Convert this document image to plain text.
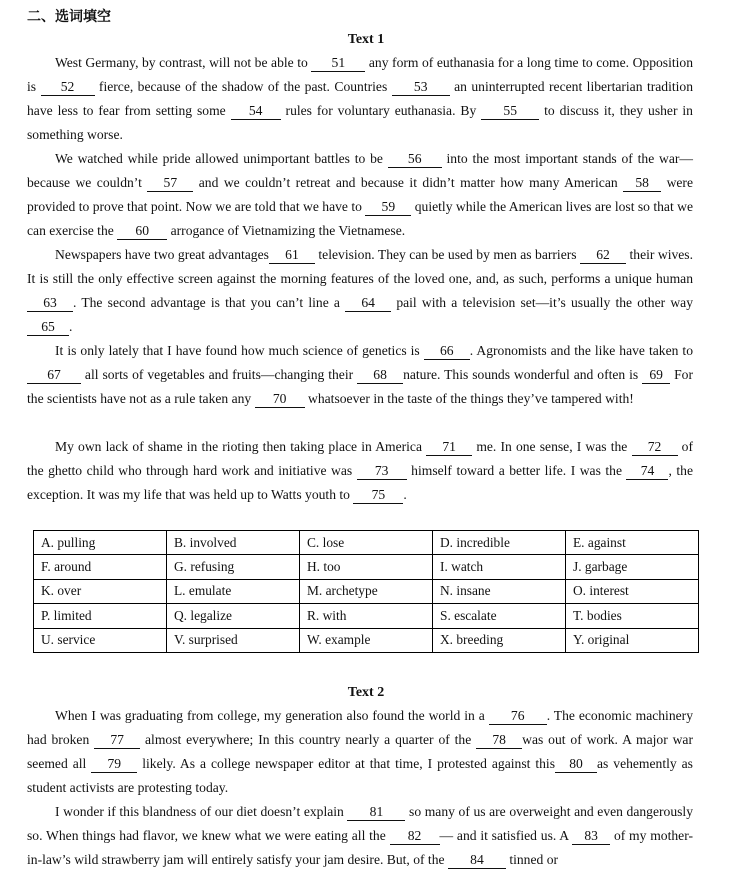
二、选词填空
Text 1

West Germany, by contrast, will not be able to 51 any form of euthanasia for a long time to come. Opposition is 52 fierce, because of the shadow of the past. Countries 53 an uninterrupted recent libertarian tradition have less to fear from setting some 54 rules for voluntary euthanasia. By 55 to discuss it, they usher in something worse.

We watched while pride allowed unimportant battles to be 56 into the most important stands of the war—because we couldn’t 57 and we couldn’t retreat and because it didn’t matter how many American 58 were provided to prove that point. Now we are told that we have to 59 quietly while the American lives are lost so that we can exercise the 60 arrogance of Vietnamizing the Vietnamese.

Newspapers have two great advantages 61 television. They can be used by men as barriers 62 their wives. It is still the only effective screen against the morning features of the loved one, and, as such, performs a unique human 63 . The second advantage is that you can’t line a 64 pail with a television set—it’s usually the other way 65 .

It is only lately that I have found how much science of genetics is 66 . Agronomists and the like have taken to 67 all sorts of vegetables and fruits—changing their 68 nature. This sounds wonderful and often is 69 For the scientists have not as a rule taken any 70 whatsoever in the taste of the things they’ve tampered with!

My own lack of shame in the rioting then taking place in America 71 me. In one sense, I was the 72 of the ghetto child who through hard work and initiative was 73 himself toward a better life. I was the 74 , the exception. It was my life that was held up to Watts youth to 75 .

A. pulling	B. involved	C. lose	D. incredible	E. against
F. around	G. refusing	H. too	I. watch	J. garbage
K. over	L. emulate	M. archetype	N. insane	O. interest
P. limited	Q. legalize	R. with	S. escalate	T. bodies
U. service	V. surprised	W. example	X. breeding	Y. original
Text 2

When I was graduating from college, my generation also found the world in a 76 . The economic machinery had broken 77 almost everywhere; In this country nearly a quarter of the 78 was out of work. A major war seemed all 79 likely. As a college newspaper editor at that time, I protested against this 80 as vehemently as student activists are protesting today.

I wonder if this blandness of our diet doesn’t explain 81 so many of us are overweight and even dangerously so. When things had flavor, we knew what we were eating all the 82 — and it satisfied us. A 83 of my mother-in-law’s wild strawberry jam will entirely satisfy your jam desire. But, of the 84 tinned or
